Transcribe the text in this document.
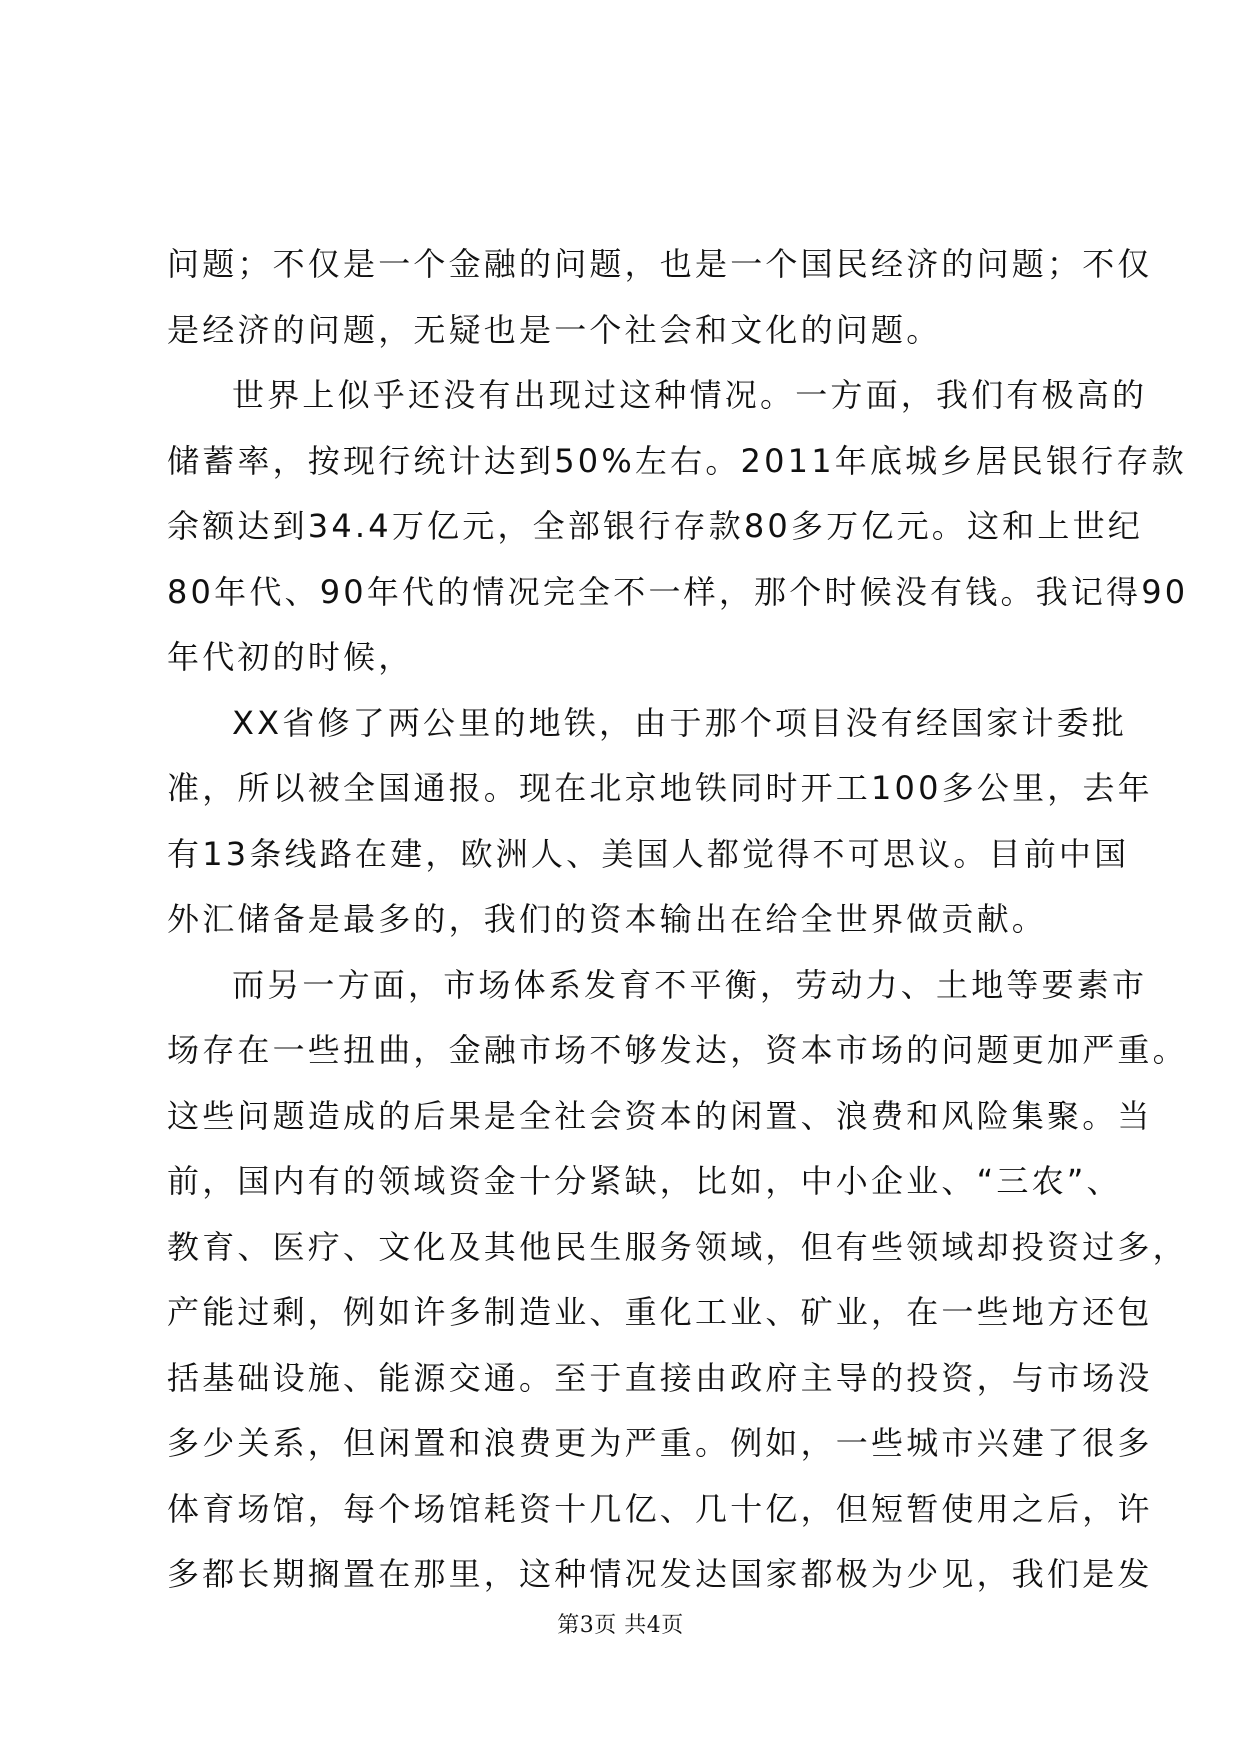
问题；不仅是一个金融的问题，也是一个国民经济的问题；不仅
是经济的问题，无疑也是一个社会和文化的问题。
世界上似乎还没有出现过这种情况。一方面，我们有极高的
储蓄率，按现行统计达到50%左右。2011年底城乡居民银行存款
余额达到34.4万亿元，全部银行存款80多万亿元。这和上世纪
80年代、90年代的情况完全不一样，那个时候没有钱。我记得90
年代初的时候，
XX省修了两公里的地铁，由于那个项目没有经国家计委批
准，所以被全国通报。现在北京地铁同时开工100多公里，去年
有13条线路在建，欧洲人、美国人都觉得不可思议。目前中国
外汇储备是最多的，我们的资本输出在给全世界做贡献。
而另一方面，市场体系发育不平衡，劳动力、土地等要素市
场存在一些扭曲，金融市场不够发达，资本市场的问题更加严重。
这些问题造成的后果是全社会资本的闲置、浪费和风险集聚。当
前，国内有的领域资金十分紧缺，比如，中小企业、“三农”、
教育、医疗、文化及其他民生服务领域，但有些领域却投资过多，
产能过剩，例如许多制造业、重化工业、矿业，在一些地方还包
括基础设施、能源交通。至于直接由政府主导的投资，与市场没
多少关系，但闲置和浪费更为严重。例如，一些城市兴建了很多
体育场馆，每个场馆耗资十几亿、几十亿，但短暂使用之后，许
多都长期搁置在那里，这种情况发达国家都极为少见，我们是发
第3页 共4页
